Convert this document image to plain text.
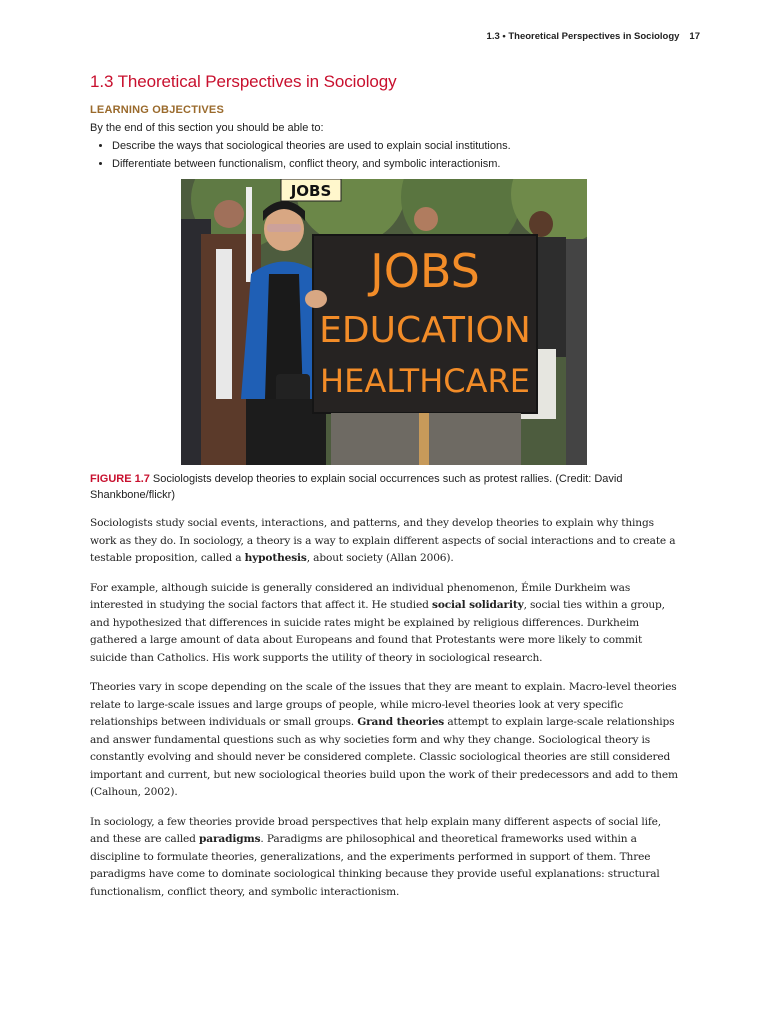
1.3 • Theoretical Perspectives in Sociology 17
1.3 Theoretical Perspectives in Sociology
LEARNING OBJECTIVES

By the end of this section you should be able to:

• Describe the ways that sociological theories are used to explain social institutions.
• Differentiate between functionalism, conflict theory, and symbolic interactionism.
JOBS
JOBS
EDUCATION
HEALTHCARE

FIGURE 1.7 Sociologists develop theories to explain social occurrences such as protest rallies. (Credit: David Shankbone/flickr)

Sociologists study social events, interactions, and patterns, and they develop theories to explain why things work as they do. In sociology, a theory is a way to explain different aspects of social interactions and to create a testable proposition, called a hypothesis, about society (Allan 2006).

For example, although suicide is generally considered an individual phenomenon, Émile Durkheim was interested in studying the social factors that affect it. He studied social solidarity, social ties within a group, and hypothesized that differences in suicide rates might be explained by religious differences. Durkheim gathered a large amount of data about Europeans and found that Protestants were more likely to commit suicide than Catholics. His work supports the utility of theory in sociological research.

Theories vary in scope depending on the scale of the issues that they are meant to explain. Macro-level theories relate to large-scale issues and large groups of people, while micro-level theories look at very specific relationships between individuals or small groups. Grand theories attempt to explain large-scale relationships and answer fundamental questions such as why societies form and why they change. Sociological theory is constantly evolving and should never be considered complete. Classic sociological theories are still considered important and current, but new sociological theories build upon the work of their predecessors and add to them (Calhoun, 2002).

In sociology, a few theories provide broad perspectives that help explain many different aspects of social life, and these are called paradigms. Paradigms are philosophical and theoretical frameworks used within a discipline to formulate theories, generalizations, and the experiments performed in support of them. Three paradigms have come to dominate sociological thinking because they provide useful explanations: structural functionalism, conflict theory, and symbolic interactionism.
